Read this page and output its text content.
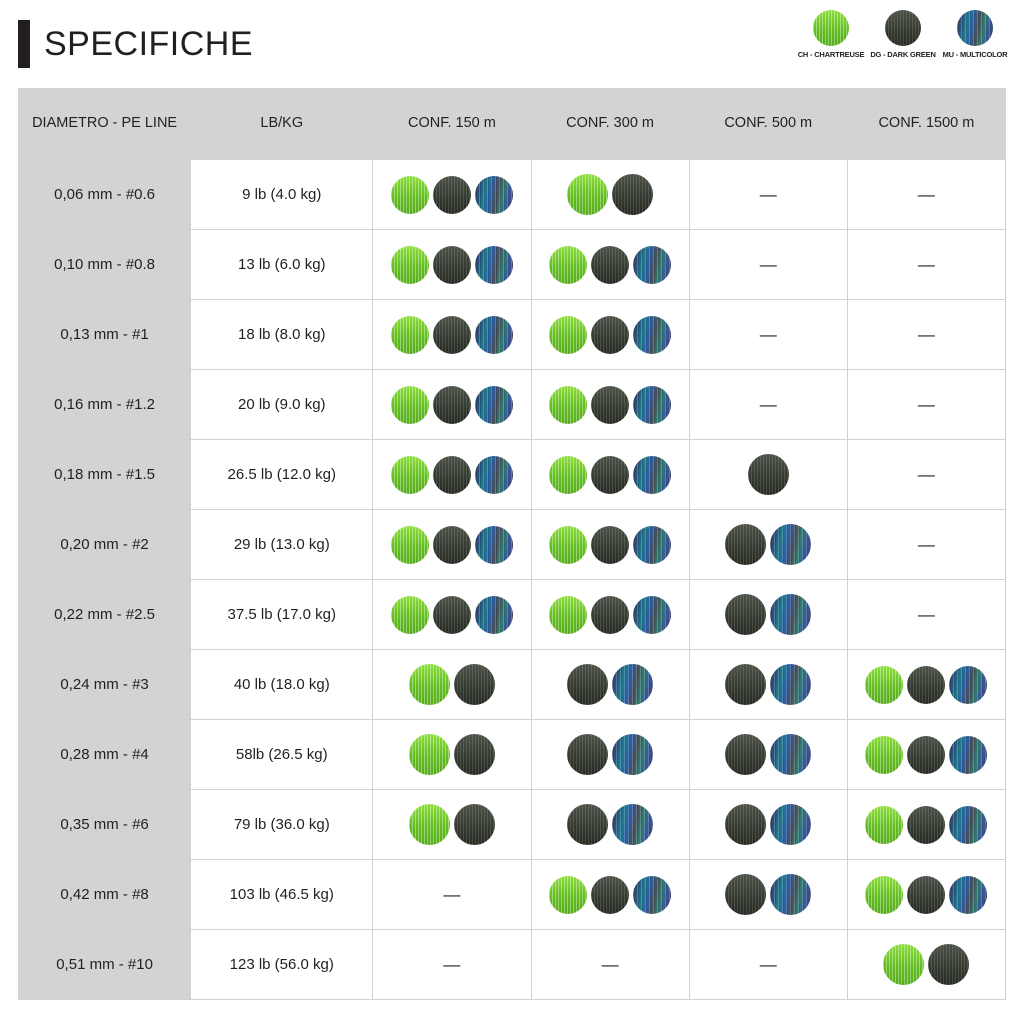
SPECIFICHE	CH - CHARTREUSE DG - DARK GREEN MU - MULTICOLOR
DIAMETRO - PE LINE	LB/KG	CONF. 150 m	CONF. 300 m	CONF. 500 m	CONF. 1500 m
0,06 mm - #0.6	9 lb (4.0 kg)			—	—

0,10 mm - #0.8	13 lb (6.0 kg)			—	—

0,13 mm - #1	18 lb (8.0 kg)			—	—

0,16 mm - #1.2	20 lb (9.0 kg)			—	—

0,18 mm - #1.5	26.5 lb (12.0 kg)				—

0,20 mm - #2	29 lb (13.0 kg)				—

0,22 mm - #2.5	37.5 lb (17.0 kg)				—

0,24 mm - #3	40 lb (18.0 kg)	

0,28 mm - #4	58lb (26.5 kg)	

0,35 mm - #6	79 lb (36.0 kg)	

0,42 mm - #8	103 lb (46.5 kg)	—			

0,51 mm - #10	123 lb (56.0 kg)	—	—	—	
